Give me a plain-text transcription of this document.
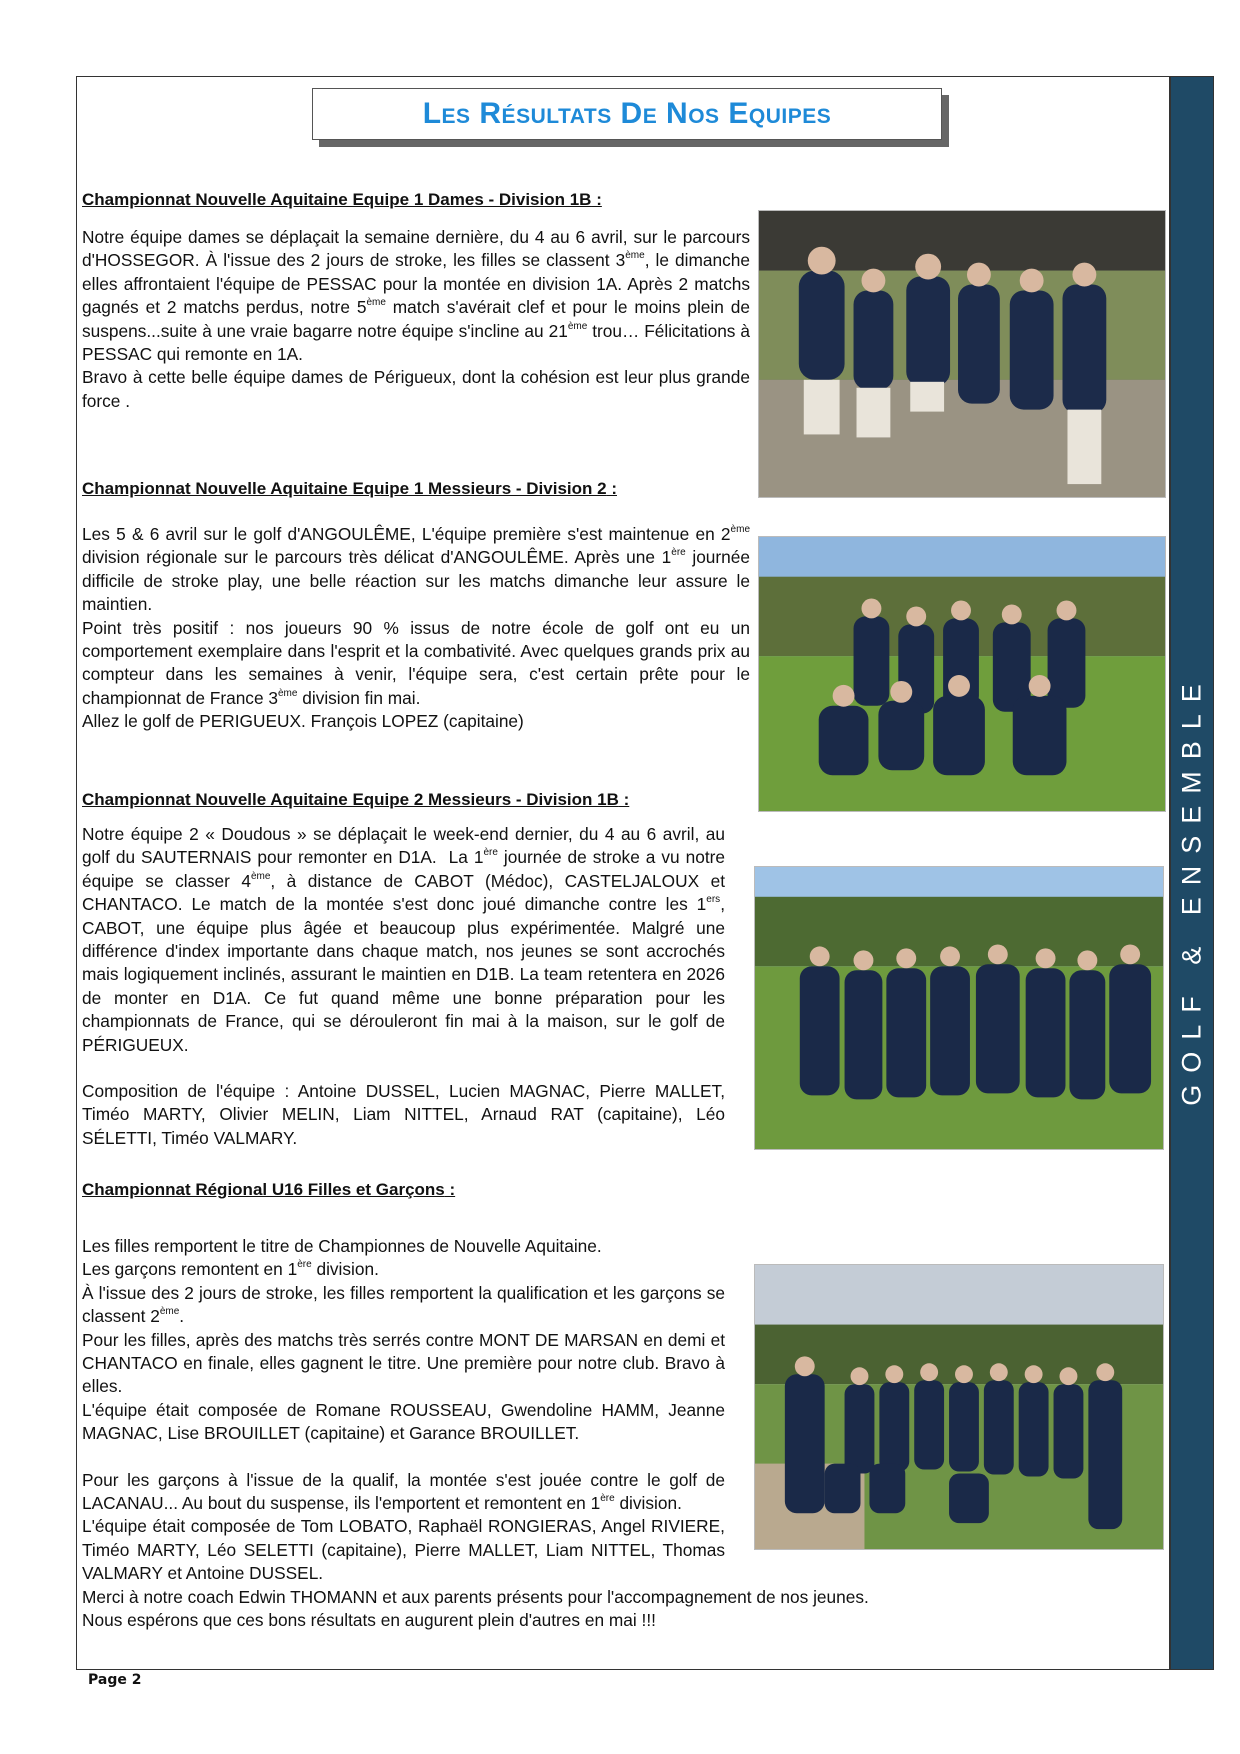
GOLF & ENSEMBLE
Les Résultats De Nos Equipes
Championnat Nouvelle Aquitaine Equipe 1 Dames - Division 1B :

Notre équipe dames se déplaçait la semaine dernière, du 4 au 6 avril, sur le parcours d'HOSSEGOR. À l'issue des 2 jours de stroke, les filles se classent 3ème, le dimanche elles affrontaient l'équipe de PESSAC pour la montée en division 1A. Après 2 matchs gagnés et 2 matchs perdus, notre 5ème match s'avérait clef et pour le moins plein de suspens...suite à une vraie bagarre notre équipe s'incline au 21ème trou… Félicitations à PESSAC qui remonte en 1A.

Bravo à cette belle équipe dames de Périgueux, dont la cohésion est leur plus grande force .

Championnat Nouvelle Aquitaine Equipe 1 Messieurs - Division 2 :

Les 5 & 6 avril sur le golf d'ANGOULÊME, L'équipe première s'est maintenue en 2ème division régionale sur le parcours très délicat d'ANGOULÊME. Après une 1ère journée difficile de stroke play, une belle réaction sur les matchs dimanche leur assure le maintien.

Point très positif : nos joueurs 90 % issus de notre école de golf ont eu un comportement exemplaire dans l'esprit et la combativité. Avec quelques grands prix au compteur dans les semaines à venir, l'équipe sera, c'est certain prête pour le championnat de France 3ème division fin mai.

Allez le golf de PERIGUEUX. François LOPEZ (capitaine)

Championnat Nouvelle Aquitaine Equipe 2 Messieurs - Division 1B :

Notre équipe 2 « Doudous » se déplaçait le week-end dernier, du 4 au 6 avril, au golf du SAUTERNAIS pour remonter en D1A.  La 1ère journée de stroke a vu notre équipe se classer 4ème, à distance de CABOT (Médoc), CASTELJALOUX et CHANTACO. Le match de la montée s'est donc joué dimanche contre les 1ers, CABOT, une équipe plus âgée et beaucoup plus expérimentée. Malgré une différence d'index importante dans chaque match, nos jeunes se sont accrochés mais logiquement inclinés, assurant le maintien en D1B. La team retentera en 2026 de monter en D1A. Ce fut quand même une bonne préparation pour les championnats de France, qui se dérouleront fin mai à la maison, sur le golf de PÉRIGUEUX.

Composition de l'équipe : Antoine DUSSEL, Lucien MAGNAC, Pierre MALLET, Timéo MARTY, Olivier MELIN, Liam NITTEL, Arnaud RAT (capitaine), Léo SÉLETTI, Timéo VALMARY.

Championnat Régional U16 Filles et Garçons :

Les filles remportent le titre de Championnes de Nouvelle Aquitaine.

Les garçons remontent en 1ère division.

À l'issue des 2 jours de stroke, les filles remportent la qualification et les garçons se classent 2ème.

Pour les filles, après des matchs très serrés contre MONT DE MARSAN en demi et CHANTACO en finale, elles gagnent le titre. Une première pour notre club. Bravo à elles.

L'équipe était composée de Romane ROUSSEAU, Gwendoline HAMM, Jeanne MAGNAC, Lise BROUILLET (capitaine) et Garance BROUILLET.

Pour les garçons à l'issue de la qualif, la montée s'est jouée contre le golf de LACANAU... Au bout du suspense, ils l'emportent et remontent en 1ère division.

L'équipe était composée de Tom LOBATO, Raphaël RONGIERAS, Angel RIVIERE, Timéo MARTY, Léo SELETTI (capitaine), Pierre MALLET, Liam NITTEL, Thomas VALMARY et Antoine DUSSEL.

Merci à notre coach Edwin THOMANN et aux parents présents pour l'accompagnement de nos jeunes.

Nous espérons que ces bons résultats en augurent plein d'autres en mai !!!

Page 2
